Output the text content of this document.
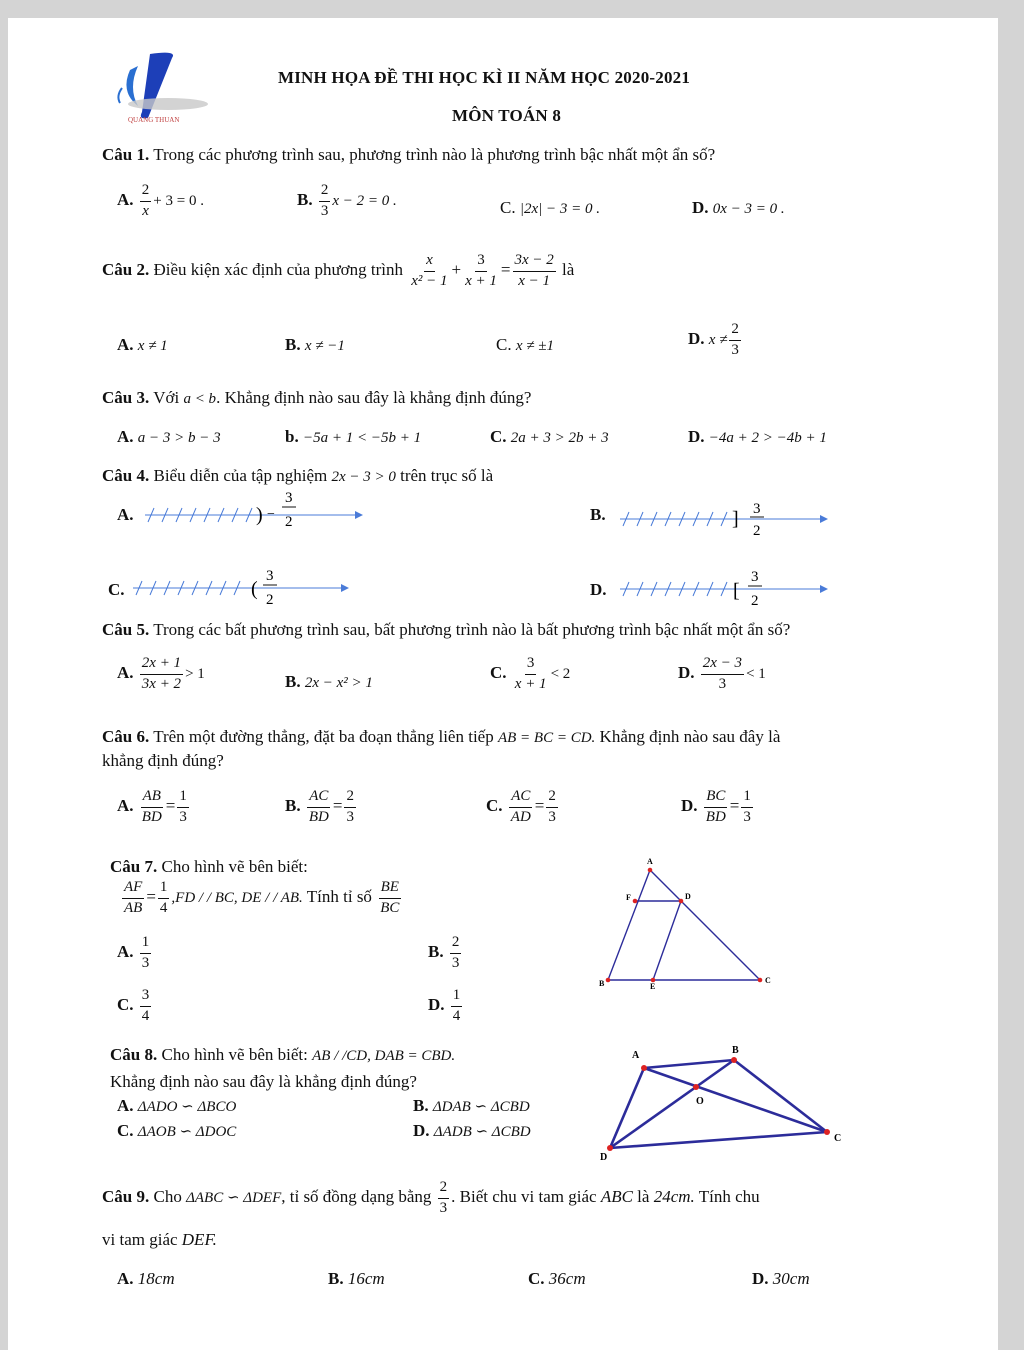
QUANG THUAN
MINH HỌA ĐỀ THI HỌC KÌ II NĂM HỌC 2020-2021
MÔN TOÁN 8
Câu 1. Trong các phương trình sau, phương trình nào là phương trình bậc nhất một ẩn số?
A. $\frac{2}{x} + 3 = 0$ .	B. $\frac{2}{3}$ x − 2 = 0 .	C. |2x| − 3 = 0 .	D. 0x − 3 = 0 .
Câu 2. Điều kiện xác định của phương trình $\frac{x}{\text{x² − 1}} + \frac{3}{x + 1} = \frac{3x - 2}{x - 1}$ là
A. x ≠ 1	B. x ≠ −1	C. x ≠ ±1	D. $x \ne \frac{2}{3}$
Câu 3. Với a < b. Khẳng định nào sau đây là khẳng định đúng?
A. a − 3 > b − 3	b. −5a + 1 < −5b + 1	C. 2a + 3 > 2b + 3	D. −4a + 2 > −4b + 1
Câu 4. Biểu diễn của tập nghiệm 2x − 3 > 0 trên trục số là
A.	) −
3
2	B.	] 3
2
C.	(
3
2
D.	[
3
2
Câu 5. Trong các bất phương trình sau, bất phương trình nào là bất phương trình bậc nhất một ẩn số?
A. $\frac{2x + 1}{3x + 2} > 1$	B. 2x − x² > 1
C. $\frac{3}{x + 1} < 2$	D. $\frac{2x - 3}{3} < 1$
Câu 6. Trên một đường thẳng, đặt ba đoạn thẳng liên tiếp AB = BC = CD. Khẳng định nào sau đây là
khẳng định đúng?
A. $\frac{AB}{BD} = \frac{1}{3}$	B. $\frac{AC}{BD} = \frac{2}{3}$	C. $\frac{AC}{AD} = \frac{2}{3}$	D. $\frac{BC}{BD} = \frac{1}{3}$
Câu 7. Cho hình vẽ bên biết:
$\frac{AF}{AB} = \frac{1}{4} ,FD$ / / BC, DE / / AB. Tính tỉ số $\frac{BE}{BC}$
A. $\frac{1}{3}$	B. $\frac{2}{3}$
C. $\frac{3}{4}$	D. $\frac{1}{4}$
A
F	D
B	E
C
Câu 8. Cho hình vẽ bên biết: AB / /CD, DAB = CBD.
Khẳng định nào sau đây là khẳng định đúng?
A. ΔADO ∽ ΔBCO	B. ΔDAB ∽ ΔCBD
C. ΔAOB ∽ ΔDOC	D. ΔADB ∽ ΔCBD
A	B
O
C
D
Câu 9. Cho ΔABC ∽ ΔDEF, tỉ số đồng dạng bằng $\frac{2}{3}$ . Biết chu vi tam giác ABC là 24cm. Tính chu
vi tam giác DEF.
A. 18cm	B. 16cm	C. 36cm	D. 30cm
